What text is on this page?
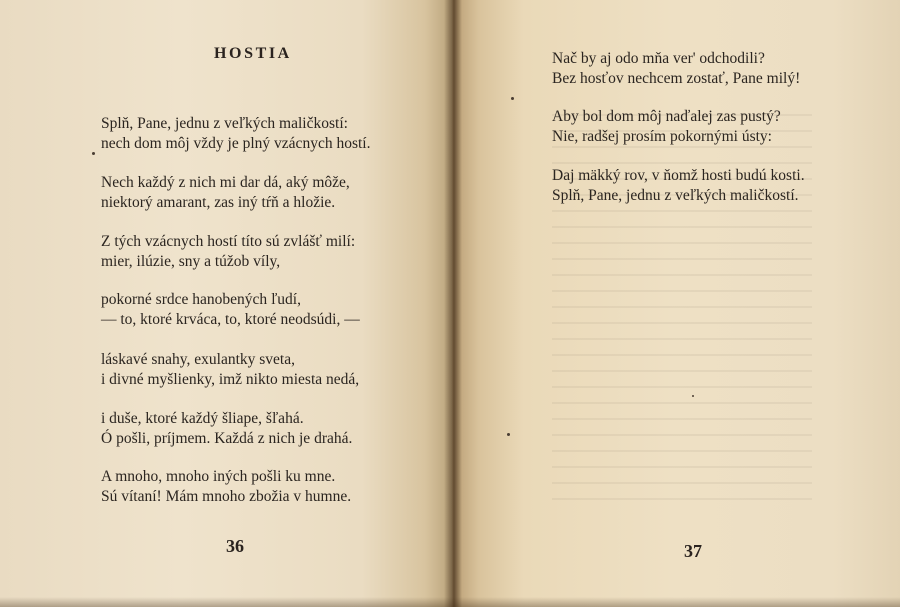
HOSTIA

Splň, Pane, jednu z veľkých maličkostí:
nech dom môj vždy je plný vzácnych hostí.

Nech každý z nich mi dar dá, aký môže,
niektorý amarant, zas iný tŕň a hložie.

Z tých vzácnych hostí títo sú zvlášť milí:
mier, ilúzie, sny a túžob víly,

pokorné srdce hanobených ľudí,
— to, ktoré krváca, to, ktoré neodsúdi, —

láskavé snahy, exulantky sveta,
i divné myšlienky, imž nikto miesta nedá,

i duše, ktoré každý šliape, šľahá.
Ó pošli, príjmem. Každá z nich je drahá.

A mnoho, mnoho iných pošli ku mne.
Sú vítaní! Mám mnoho zbožia v humne.

36

Nač by aj odo mňa ver' odchodili?
Bez hosťov nechcem zostať, Pane milý!

Aby bol dom môj naďalej zas pustý?
Nie, radšej prosím pokornými ústy:

Daj mäkký rov, v ňomž hosti budú kosti.
Splň, Pane, jednu z veľkých maličkostí.

37
